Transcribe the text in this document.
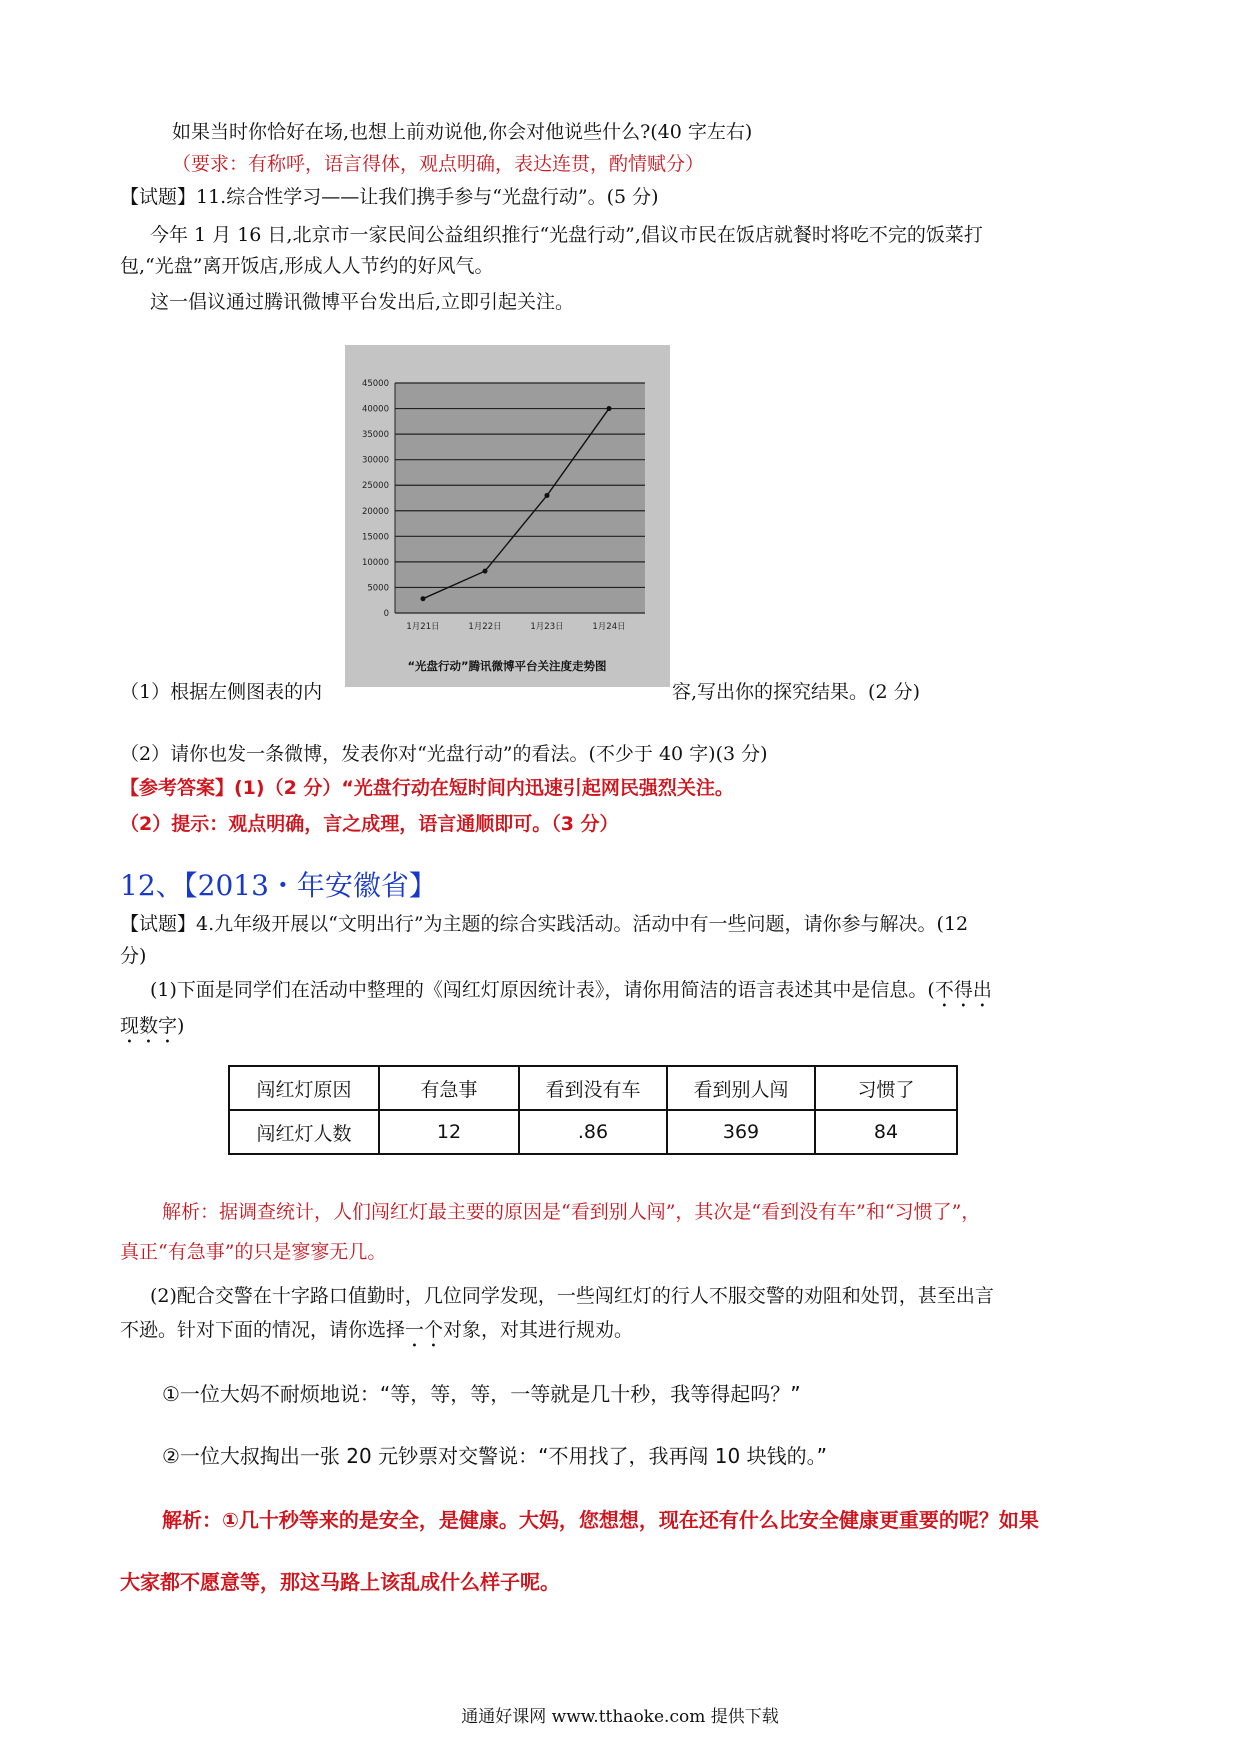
如果当时你恰好在场,也想上前劝说他,你会对他说些什么?(40 字左右)
（要求：有称呼，语言得体，观点明确，表达连贯，酌情赋分）
【试题】11.综合性学习——让我们携手参与“光盘行动”。(5 分)
今年 1 月 16 日,北京市一家民间公益组织推行“光盘行动”,倡议市民在饭店就餐时将吃不完的饭菜打
包,“光盘”离开饭店,形成人人节约的好风气。
这一倡议通过腾讯微博平台发出后,立即引起关注。
0
5000
10000
15000
20000
25000
30000
35000
40000
45000
1月21日	1月22日	1月23日	1月24日
“光盘行动”腾讯微博平台关注度走势图
（1）根据左侧图表的内	容,写出你的探究结果。(2 分)
（2）请你也发一条微博，发表你对“光盘行动”的看法。(不少于 40 字)(3 分)
【参考答案】(1)（2 分）“光盘行动在短时间内迅速引起网民强烈关注。
（2）提示：观点明确，言之成理，语言通顺即可。（3 分）
12、【2013・年安徽省】
【试题】4.九年级开展以“文明出行”为主题的综合实践活动。活动中有一些问题，请你参与解决。(12
分)
(1)下面是同学们在活动中整理的《闯红灯原因统计表》，请你用简洁的语言表述其中是信息。(不得出
现数字)
闯红灯原因	有急事	看到没有车	看到别人闯	习惯了
闯红灯人数	12	.86	369	84
解析：据调查统计，人们闯红灯最主要的原因是“看到别人闯”，其次是“看到没有车”和“习惯了”，
真正“有急事”的只是寥寥无几。
(2)配合交警在十字路口值勤时，几位同学发现，一些闯红灯的行人不服交警的劝阻和处罚，甚至出言
不逊。针对下面的情况，请你选择一个对象，对其进行规劝。
①一位大妈不耐烦地说：“等，等，等，一等就是几十秒，我等得起吗？”
②一位大叔掏出一张 20 元钞票对交警说：“不用找了，我再闯 10 块钱的。”
解析：①几十秒等来的是安全，是健康。大妈，您想想，现在还有什么比安全健康更重要的呢？如果
大家都不愿意等，那这马路上该乱成什么样子呢。
通通好课网 www.tthaoke.com 提供下载
